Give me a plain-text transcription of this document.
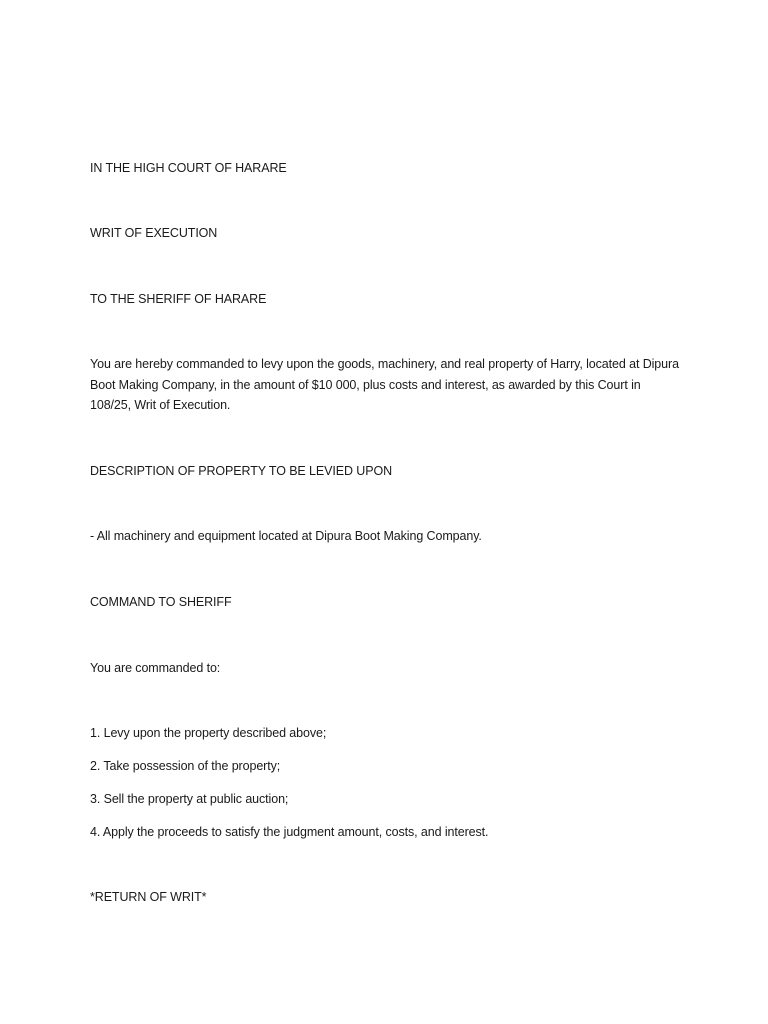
IN THE HIGH COURT OF HARARE
WRIT OF EXECUTION
TO THE SHERIFF OF HARARE
You are hereby commanded to levy upon the goods, machinery, and real property of Harry, located at Dipura Boot Making Company, in the amount of $10 000, plus costs and interest, as awarded by this Court in 108/25, Writ of Execution.
DESCRIPTION OF PROPERTY TO BE LEVIED UPON
- All machinery and equipment located at Dipura Boot Making Company.
COMMAND TO SHERIFF
You are commanded to:
1. Levy upon the property described above;
2. Take possession of the property;
3. Sell the property at public auction;
4. Apply the proceeds to satisfy the judgment amount, costs, and interest.
*RETURN OF WRIT*
